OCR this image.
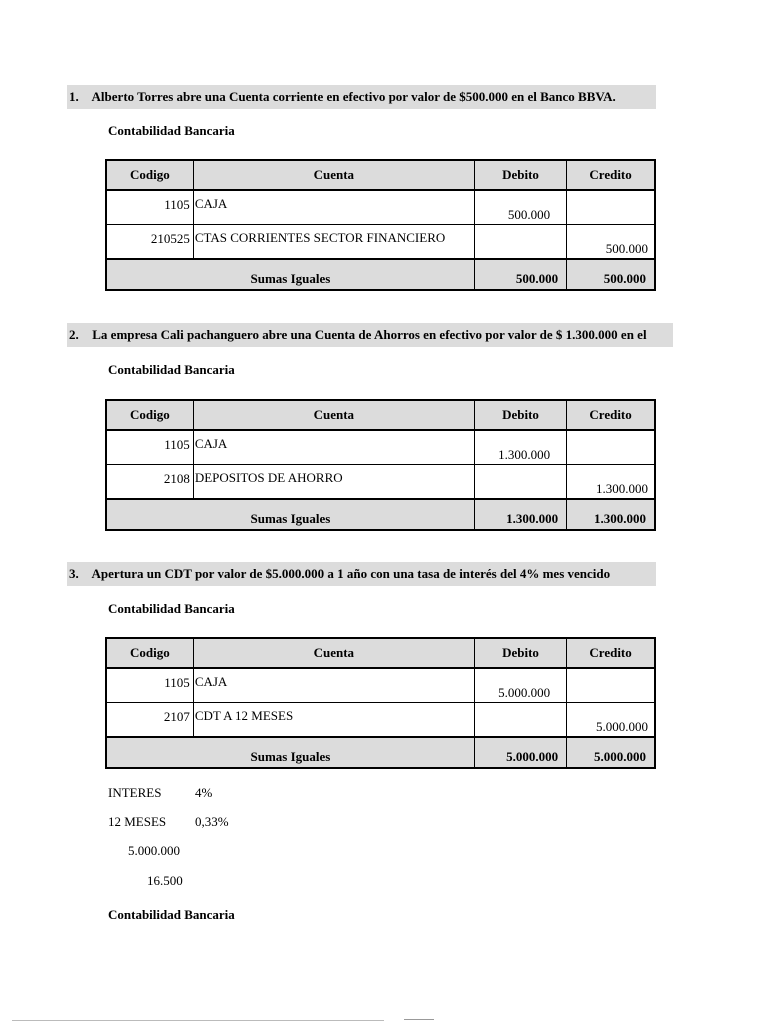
1. Alberto Torres abre una Cuenta corriente en efectivo por valor de $500.000 en el Banco BBVA.
Contabilidad Bancaria
Codigo	Cuenta	Debito	Credito
1105	CAJA	500.000	
210525	CTAS CORRIENTES SECTOR FINANCIERO		500.000
Sumas Iguales		500.000	500.000
2. La empresa Cali pachanguero abre una Cuenta de Ahorros en efectivo por valor de $ 1.300.000 en el
Contabilidad Bancaria
Codigo	Cuenta	Debito	Credito
1105	CAJA	1.300.000	
2108	DEPOSITOS DE AHORRO		1.300.000
Sumas Iguales		1.300.000	1.300.000
3. Apertura un CDT por valor de $5.000.000 a 1 año con una tasa de interés del 4% mes vencido
Contabilidad Bancaria
Codigo	Cuenta	Debito	Credito
1105	CAJA	5.000.000	
2107	CDT A 12 MESES		5.000.000
Sumas Iguales		5.000.000	5.000.000
INTERES	4%
12 MESES 0,33%
5.000.000
16.500
Contabilidad Bancaria
